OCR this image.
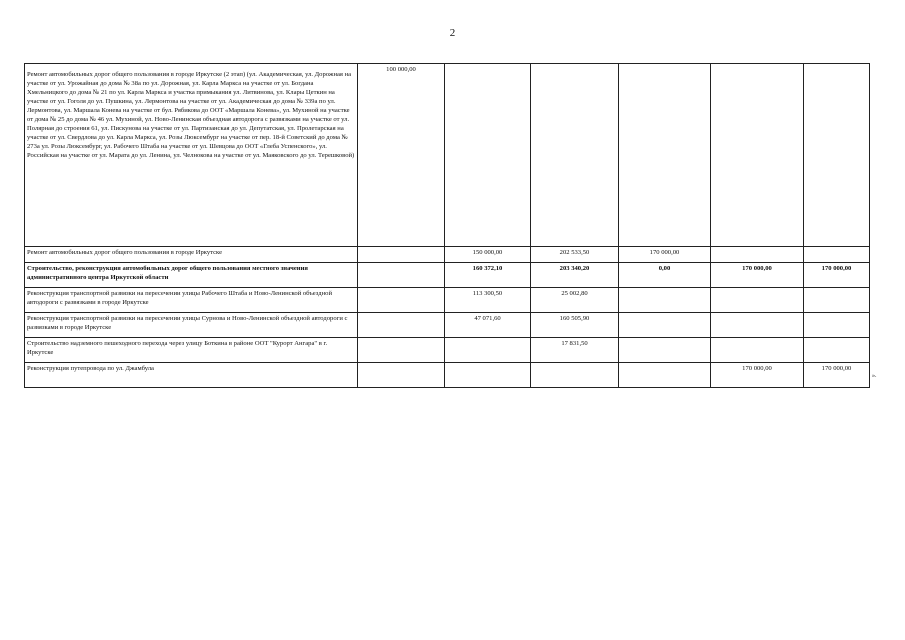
2
Ремонт автомобильных дорог общего пользования в городе Иркутске (2 этап) (ул. Академическая, ул. Дорожная на участке от ул. Урожайная до дома № 38а по ул. Дорожная, ул. Карла Маркса на участке от ул. Богдана Хмельницкого до дома № 21 по ул. Карла Маркса и участка примыкания ул. Литвинова, ул. Клары Цеткин на участке от ул. Гоголя до ул. Пушкина, ул. Лермонтова на участке от ул. Академическая до дома № 339а по ул. Лермонтова, ул. Маршала Конева на участке от бул. Рябикова до ООТ «Маршала Конева», ул. Мухиной на участке от дома № 25 до дома № 46 ул. Мухиной, ул. Ново-Ленинская объездная автодорога с развязками на участке от ул. Полярная до строения 61, ул. Пискунова на участке от ул. Партизанская до ул. Депутатская, ул. Пролетарская на участке от ул. Свердлова до ул. Карла Маркса, ул. Розы Люксембург на участке от пер. 18-й Советский до дома № 273а ул. Розы Люксембург, ул. Рабочего Штаба на участке от ул. Шевцова до ООТ «Глеба Успенского», ул. Российская на участке от ул. Марата до ул. Ленина, ул. Челнокова на участке от ул. Маяковского до ул. Терешковой)	100 000,00					
Ремонт автомобильных дорог общего пользования в городе Иркутске		150 000,00	202 533,50	170 000,00		
Строительство, реконструкция автомобильных дорог общего пользования местного значения административного центра Иркутской области		160 372,10	203 340,20	0,00	170 000,00	170 000,00
Реконструкция транспортной развязки на пересечении улицы Рабочего Штаба и Ново-Ленинской объездной автодороги с развязками в городе Иркутске		113 300,50	25 002,80			
Реконструкция транспортной развязки на пересечении улицы Сурнова и Ново-Ленинской объездной автодороги с развязками в городе Иркутске		47 071,60	160 505,90			
Строительство надземного пешеходного перехода через улицу Боткина в районе ООТ "Курорт Ангара" в г. Иркутске			17 831,50			
Реконструкция путепровода по ул. Джамбула					170 000,00	170 000,00
».
